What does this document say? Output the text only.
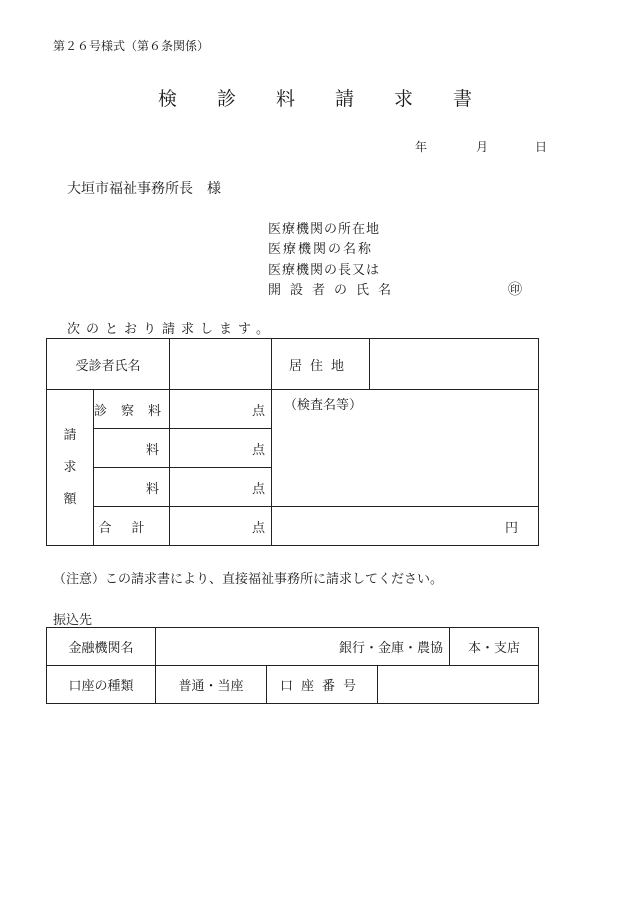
第２６号様式（第６条関係）
検診料請求書
年	月	日
大垣市福祉事務所長　様
医療機関の所在地
医療機関の名称
医療機関の長又は
開設者の氏名	㊞
次のとおり請求します。
受診者氏名			居住地	

請
求
額	診察料	点	（検査名等）	
	料	点		
	料	点		
	合計	点	円	
（注意）この請求書により、直接福祉事務所に請求してください。
振込先
金融機関名	銀行・金庫・農協			本・支店
口座の種類	普通・当座	口座番号		
